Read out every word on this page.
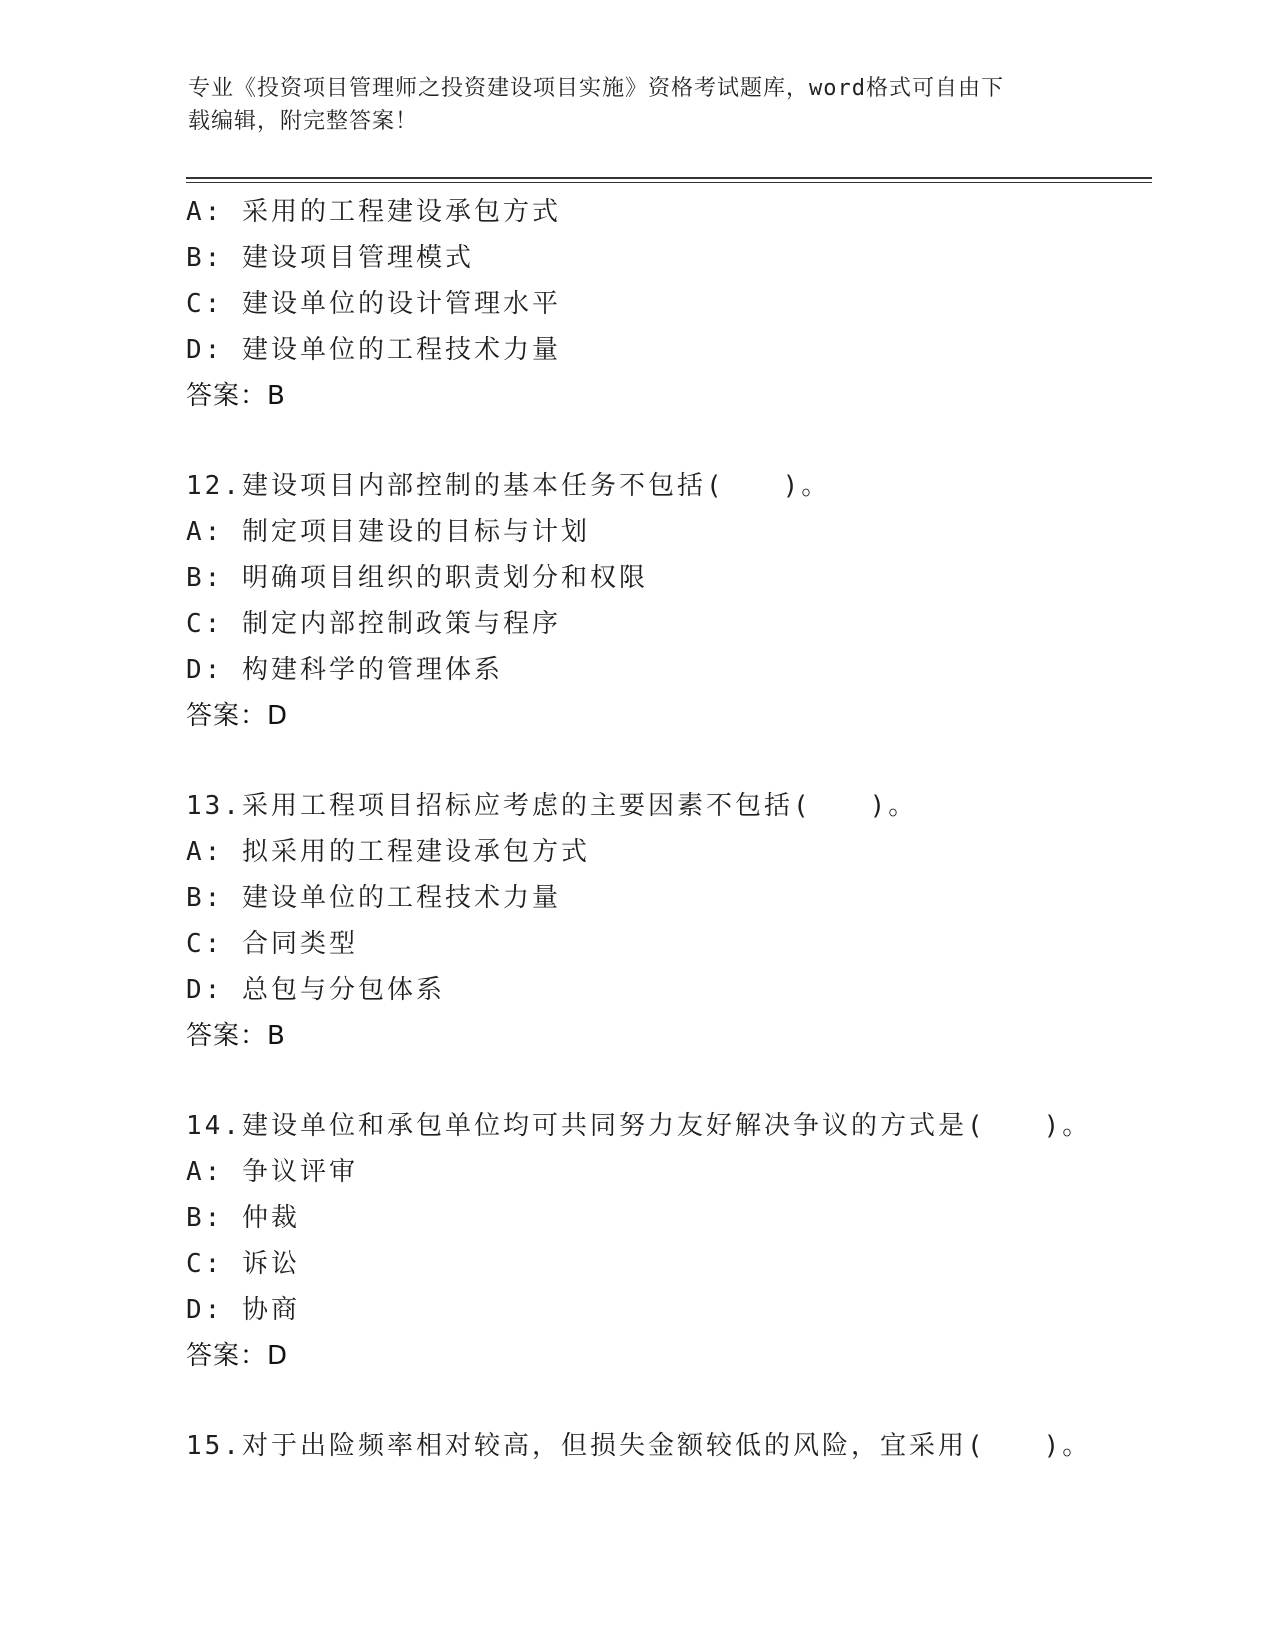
专业《投资项目管理师之投资建设项目实施》资格考试题库，word格式可自由下
载编辑，附完整答案！
A: 采用的工程建设承包方式
B: 建设项目管理模式
C: 建设单位的设计管理水平
D: 建设单位的工程技术力量
答案：B
12.建设项目内部控制的基本任务不包括(　　)。
A: 制定项目建设的目标与计划
B: 明确项目组织的职责划分和权限
C: 制定内部控制政策与程序
D: 构建科学的管理体系
答案：D
13.采用工程项目招标应考虑的主要因素不包括(　　)。
A: 拟采用的工程建设承包方式
B: 建设单位的工程技术力量
C: 合同类型
D: 总包与分包体系
答案：B
14.建设单位和承包单位均可共同努力友好解决争议的方式是(　　)。
A: 争议评审
B: 仲裁
C: 诉讼
D: 协商
答案：D
15.对于出险频率相对较高，但损失金额较低的风险，宜采用(　　)。
